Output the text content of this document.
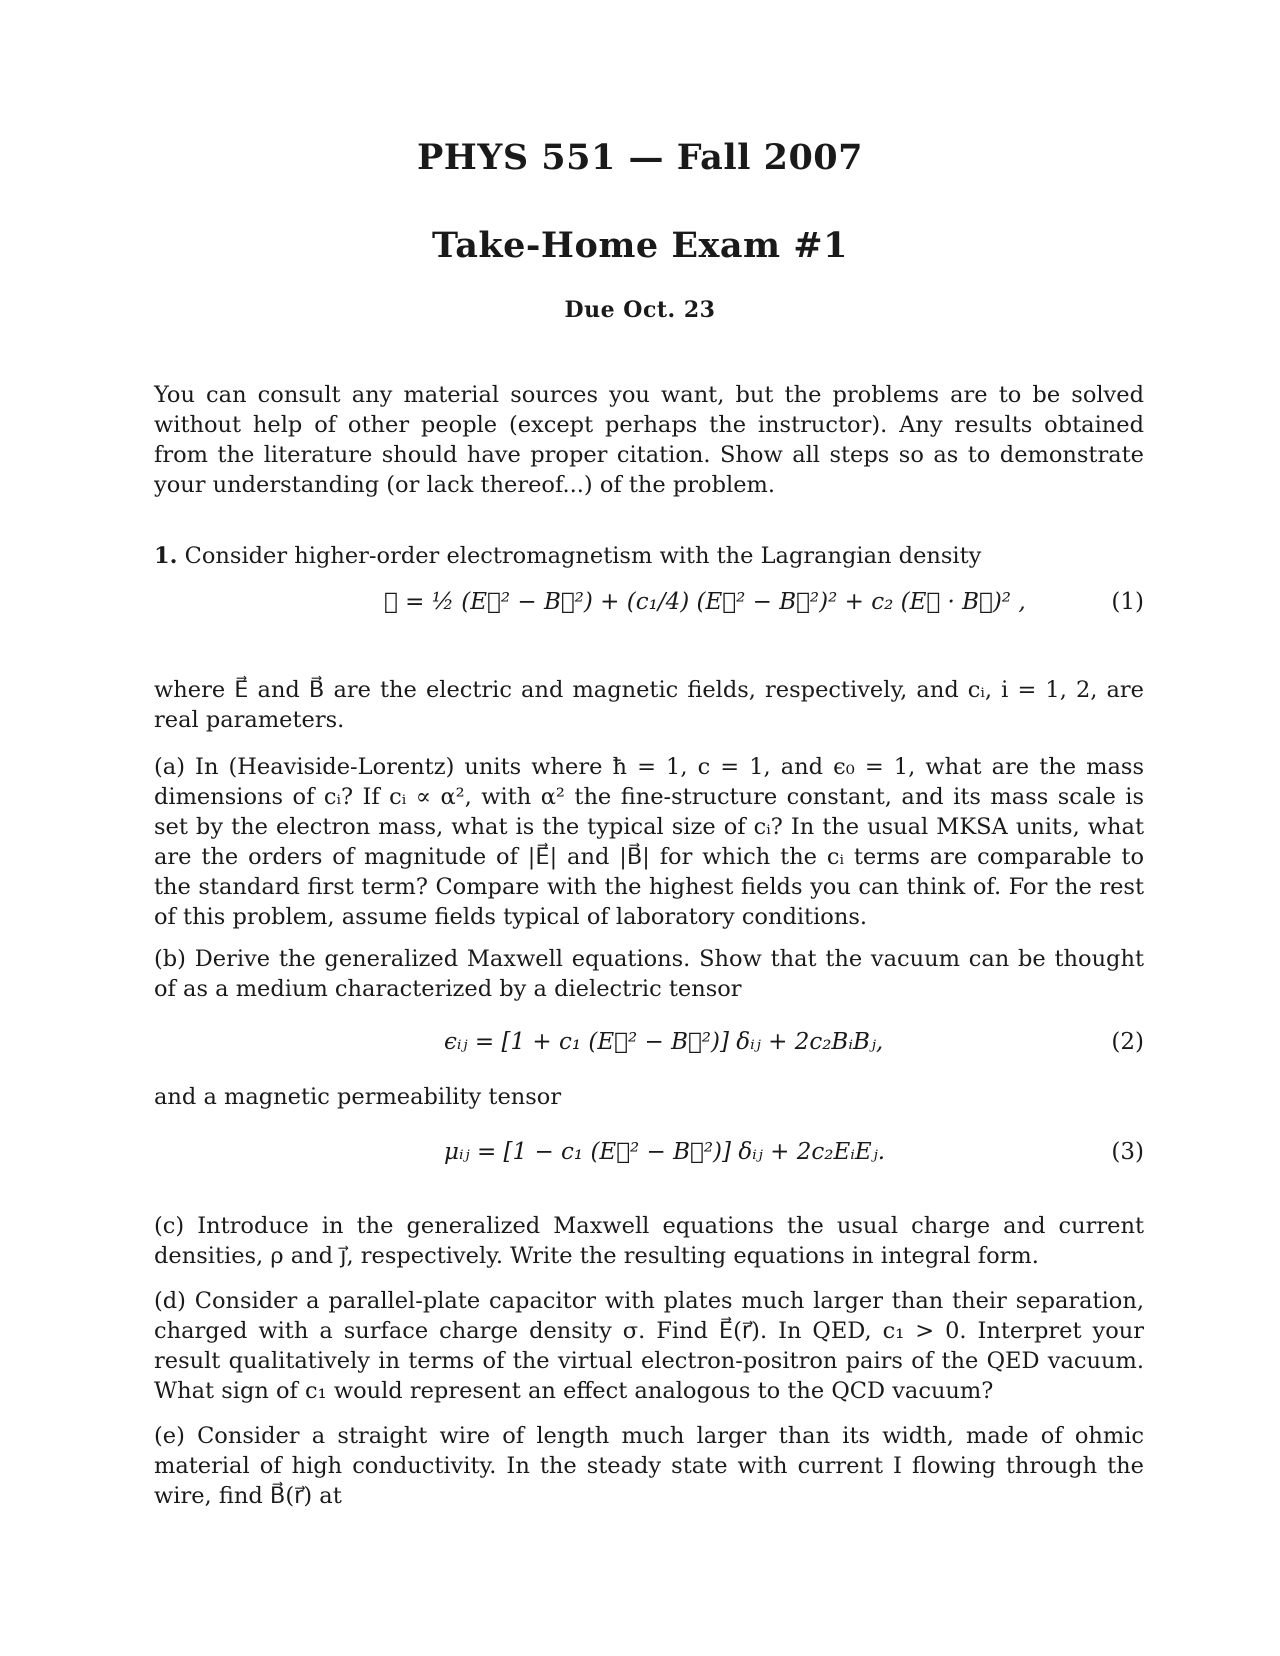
PHYS 551 — Fall 2007
Take-Home Exam #1
Due Oct. 23
You can consult any material sources you want, but the problems are to be solved without help of other people (except perhaps the instructor). Any results obtained from the literature should have proper citation. Show all steps so as to demonstrate your understanding (or lack thereof...) of the problem.
1. Consider higher-order electromagnetism with the Lagrangian density
ℒ = ½ (E⃗² − B⃗²) + (c₁/4) (E⃗² − B⃗²)² + c₂ (E⃗ · B⃗)² ,	(1)
where E⃗ and B⃗ are the electric and magnetic fields, respectively, and cᵢ, i = 1, 2, are real parameters.
(a) In (Heaviside-Lorentz) units where ħ = 1, c = 1, and ϵ₀ = 1, what are the mass dimensions of cᵢ? If cᵢ ∝ α², with α² the fine-structure constant, and its mass scale is set by the electron mass, what is the typical size of cᵢ? In the usual MKSA units, what are the orders of magnitude of |E⃗| and |B⃗| for which the cᵢ terms are comparable to the standard first term? Compare with the highest fields you can think of. For the rest of this problem, assume fields typical of laboratory conditions.
(b) Derive the generalized Maxwell equations. Show that the vacuum can be thought of as a medium characterized by a dielectric tensor
ϵᵢⱼ = [1 + c₁ (E⃗² − B⃗²)] δᵢⱼ + 2c₂BᵢBⱼ,	(2)
and a magnetic permeability tensor
μᵢⱼ = [1 − c₁ (E⃗² − B⃗²)] δᵢⱼ + 2c₂EᵢEⱼ.	(3)
(c) Introduce in the generalized Maxwell equations the usual charge and current densities, ρ and j⃗, respectively. Write the resulting equations in integral form.
(d) Consider a parallel-plate capacitor with plates much larger than their separation, charged with a surface charge density σ. Find E⃗(r⃗). In QED, c₁ > 0. Interpret your result qualitatively in terms of the virtual electron-positron pairs of the QED vacuum. What sign of c₁ would represent an effect analogous to the QCD vacuum?
(e) Consider a straight wire of length much larger than its width, made of ohmic material of high conductivity. In the steady state with current I flowing through the wire, find B⃗(r⃗) at
